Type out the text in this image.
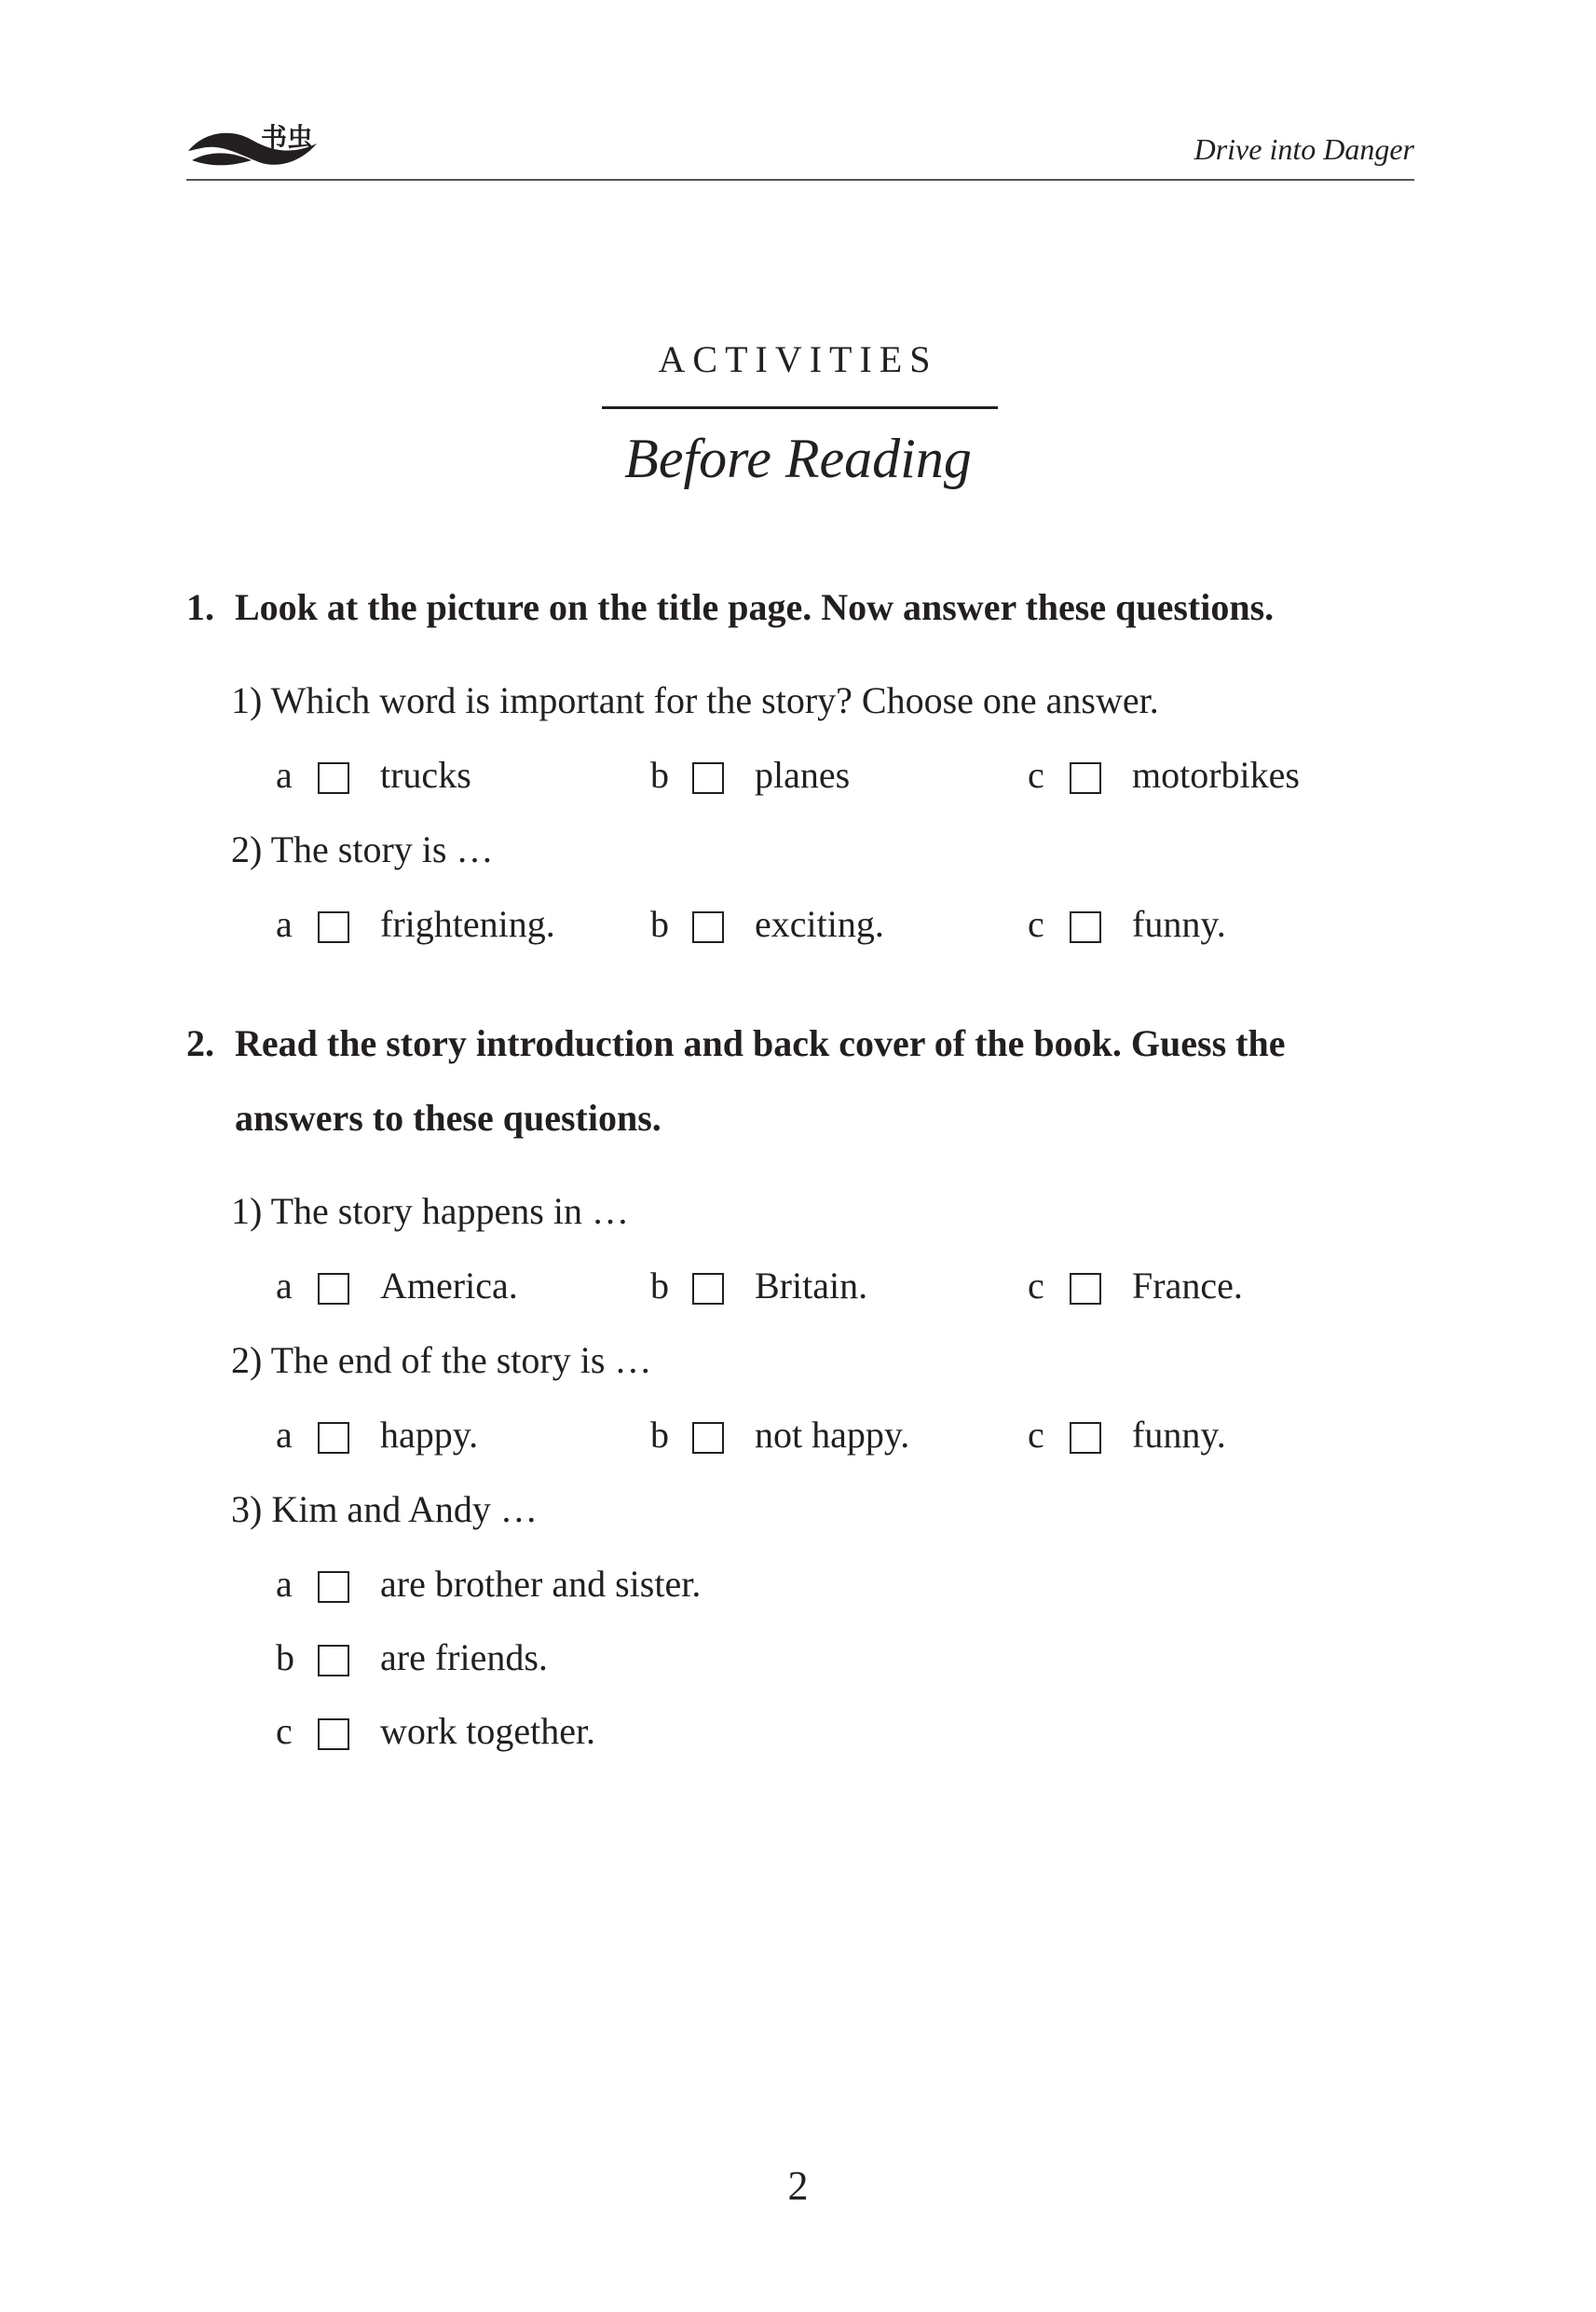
书虫	Drive into Danger
ACTIVITIES
Before Reading
1. Look at the picture on the title page. Now answer these questions.
1) Which word is important for the story? Choose one answer.
a trucks	b planes	c motorbikes
2) The story is …
a frightening.	b exciting.	c funny.
2. Read the story introduction and back cover of the book. Guess the
answers to these questions.
1) The story happens in …
a America.	b Britain.	c France.
2) The end of the story is …
a happy.	b not happy.	c funny.
3) Kim and Andy …
a are brother and sister.
b are friends.
c work together.
2
